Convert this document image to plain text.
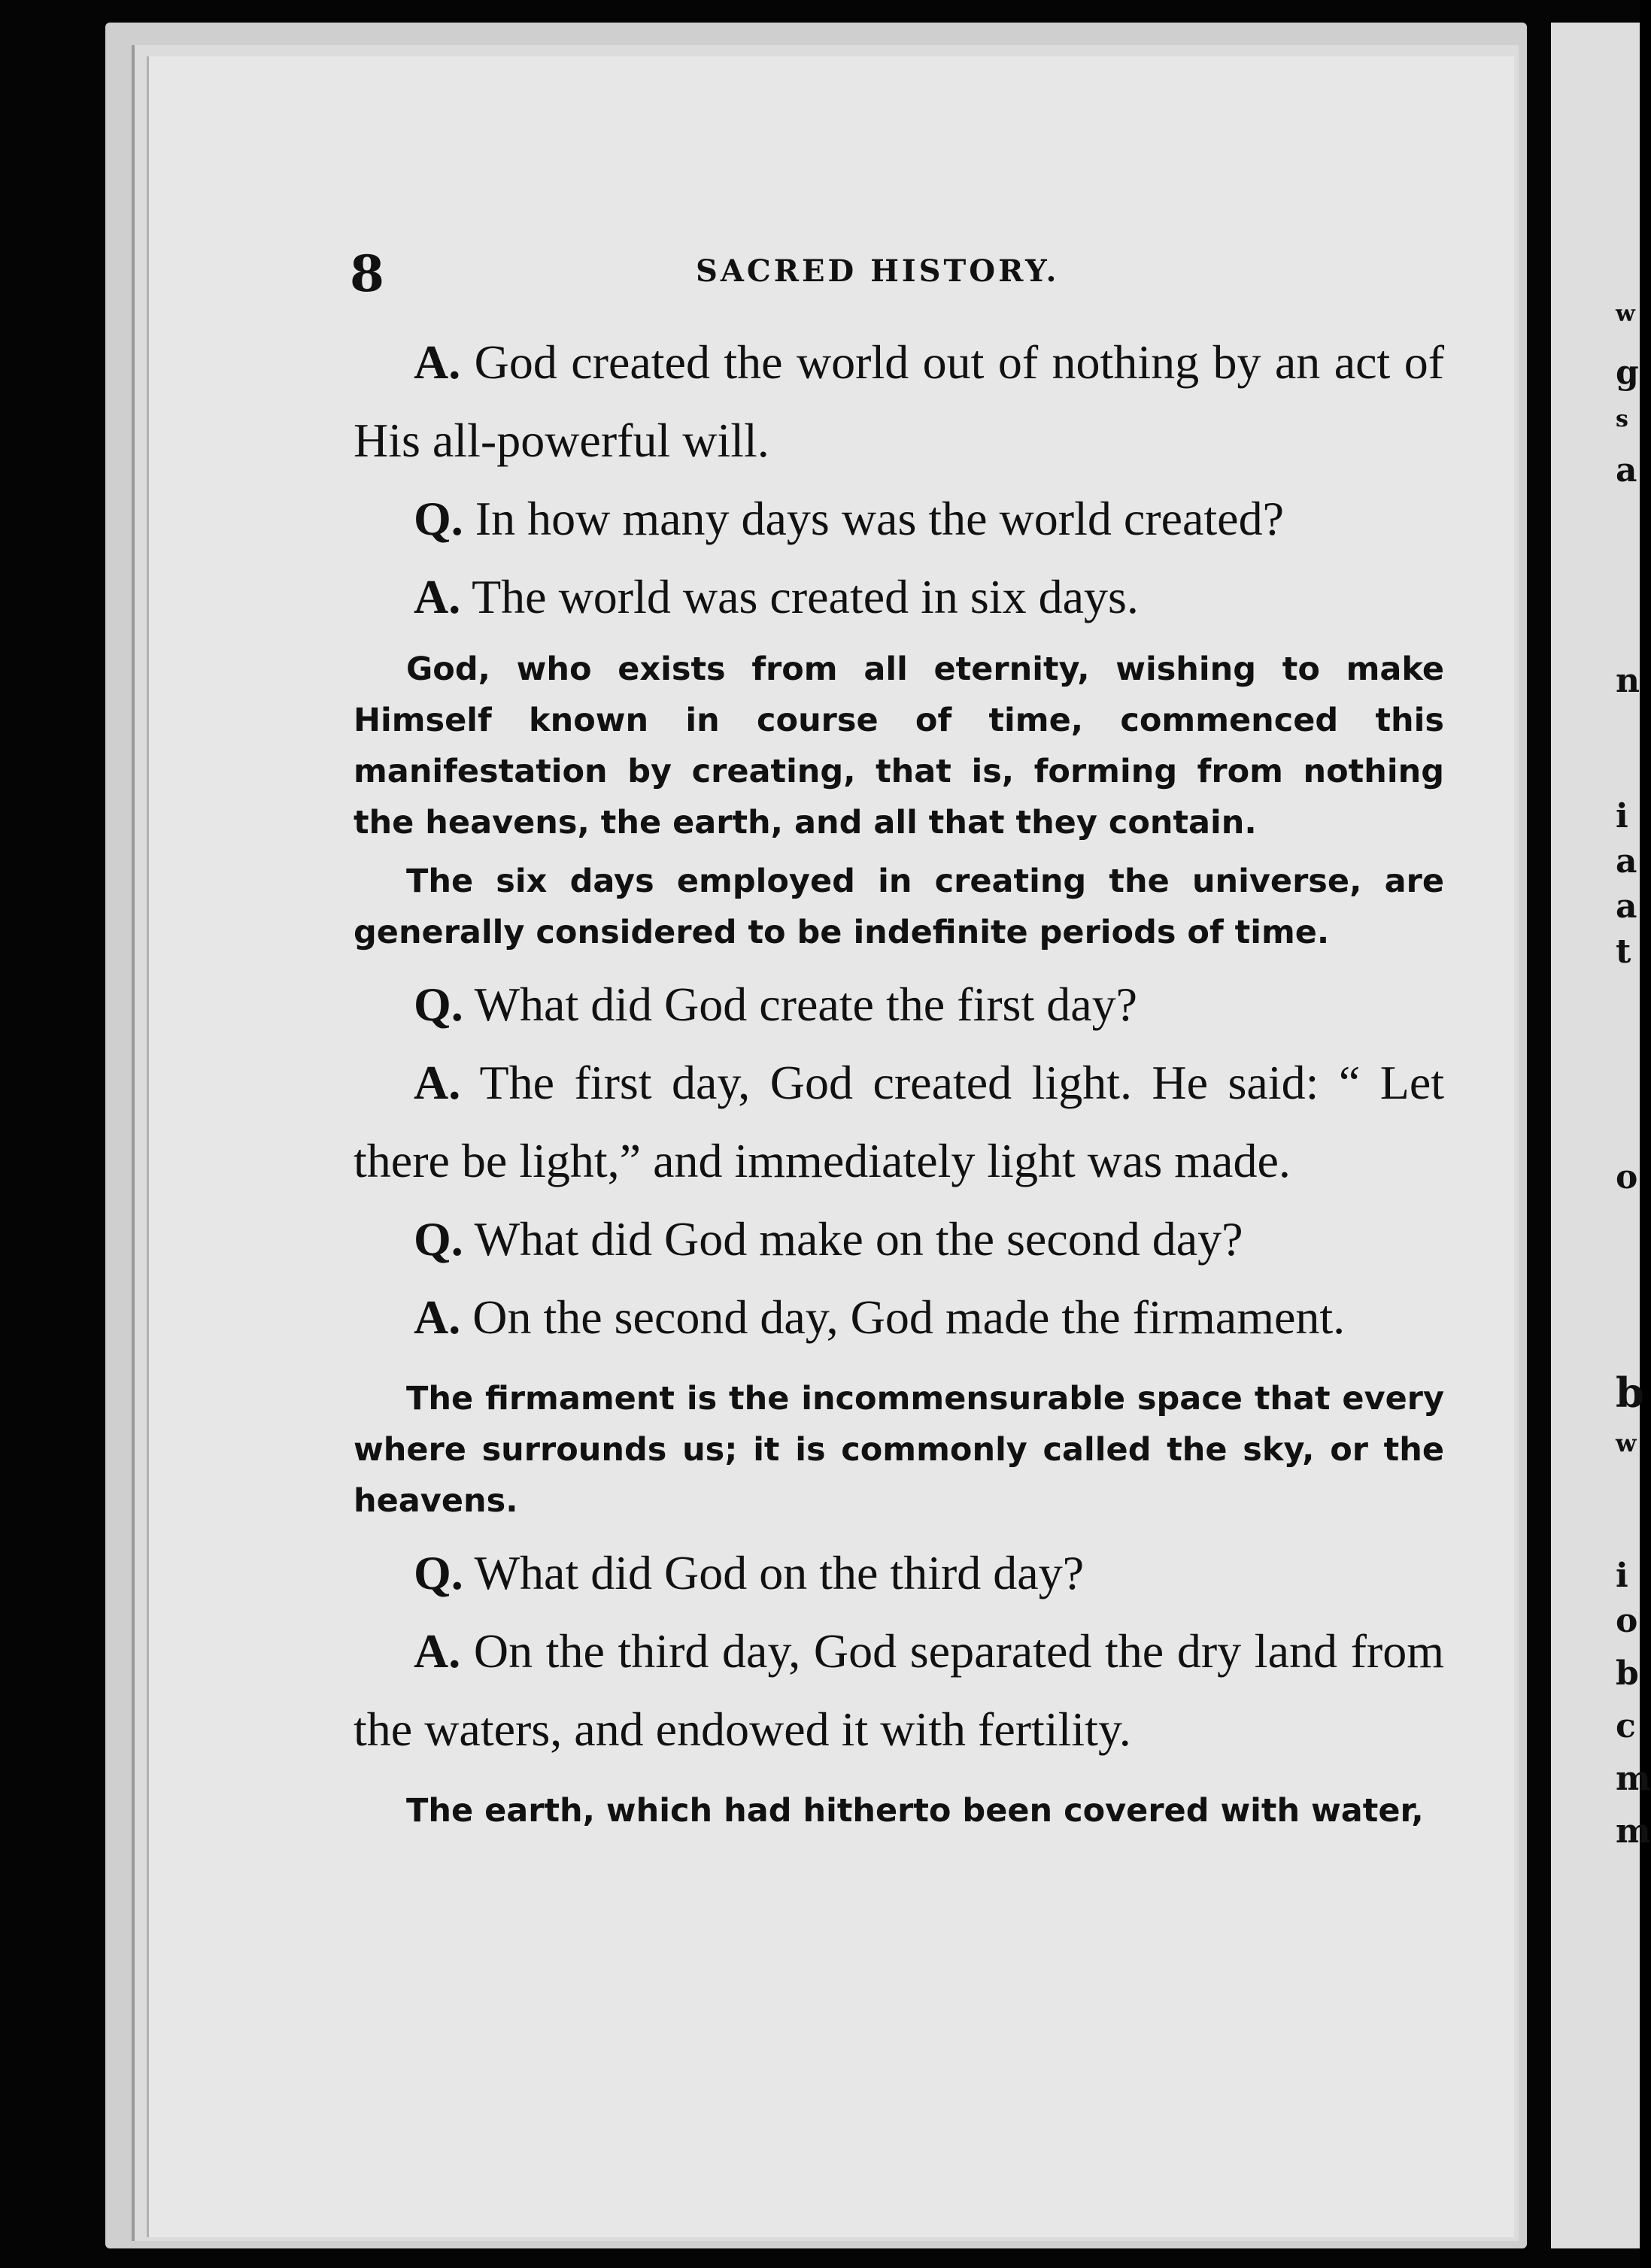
w
g
s
a
n
i
a
a
t
o
b
w
i
o
b
c
m
m
8	SACRED HISTORY.

A. God created the world out of nothing by an act of His all-powerful will.

Q. In how many days was the world created?

A. The world was created in six days.

God, who exists from all eternity, wishing to make Himself known in course of time, commenced this manifestation by creating, that is, forming from nothing the heavens, the earth, and all that they contain.

The six days employed in creating the universe, are generally considered to be indefinite periods of time.

Q. What did God create the first day?

A. The first day, God created light. He said: “ Let there be light,” and immediately light was made.

Q. What did God make on the second day?

A. On the second day, God made the firmament.

The firmament is the incommensurable space that every where surrounds us; it is commonly called the sky, or the heavens.

Q. What did God on the third day?

A. On the third day, God separated the dry land from the waters, and endowed it with fertility.

The earth, which had hitherto been covered with water,
